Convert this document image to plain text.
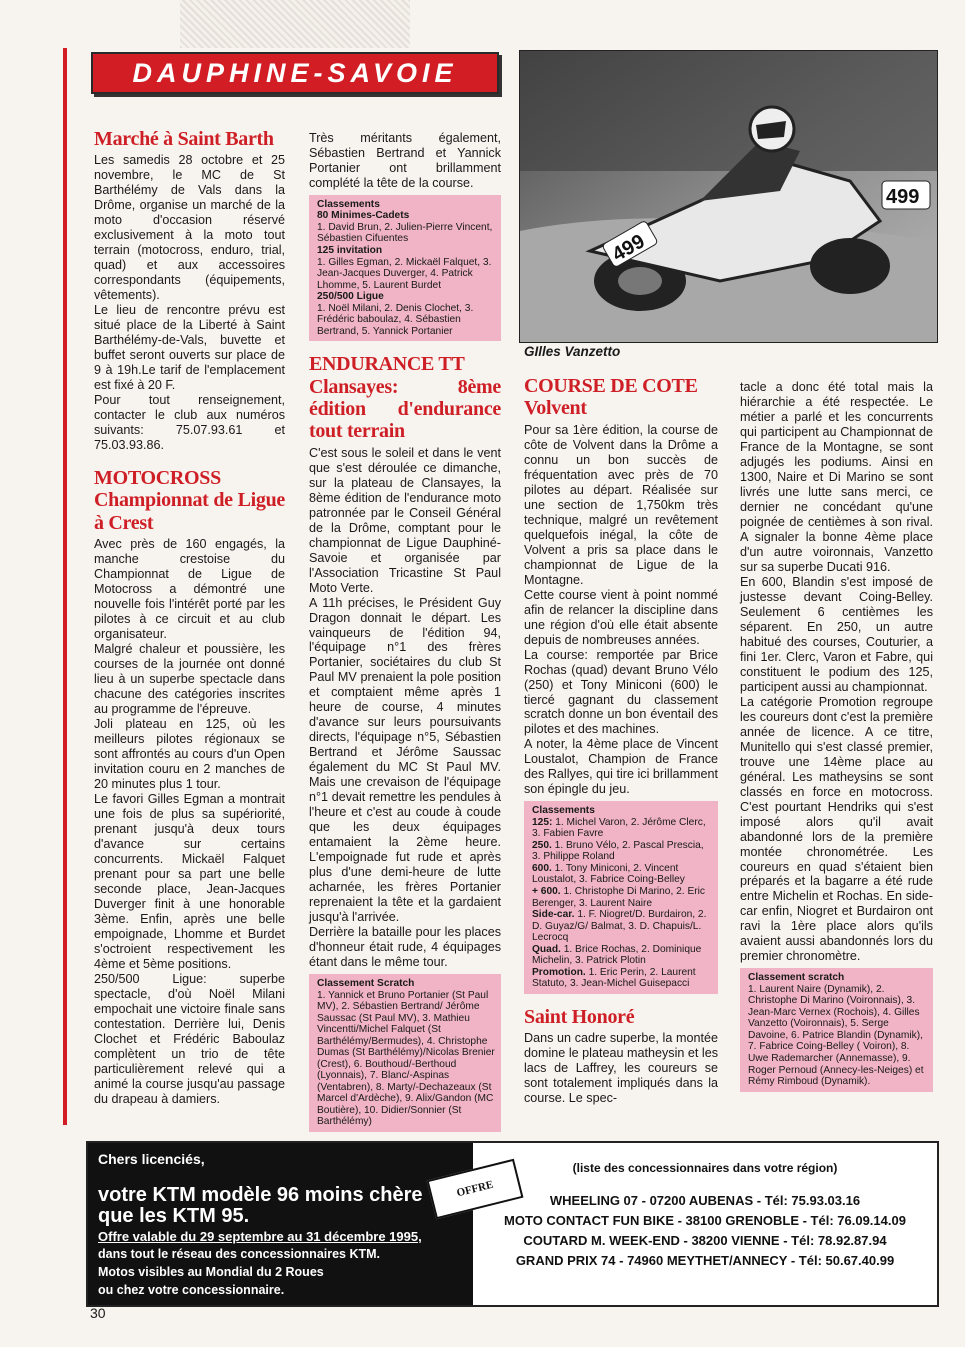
DAUPHINE-SAVOIE
Marché à Saint Barth

Les samedis 28 octobre et 25 novembre, le MC de St Barthélémy de Vals dans la Drôme, organise un marché de la moto d'occasion réservé exclusivement à la moto tout terrain (motocross, enduro, trial, quad) et aux accessoires correspondants (équipements, vêtements).

Le lieu de rencontre prévu est situé place de la Liberté à Saint Barthélémy-de-Vals, buvette et buffet seront ouverts sur place de 9 à 19h.Le tarif de l'emplacement est fixé à 20 F.

Pour tout renseignement, contacter le club aux numéros suivants: 75.07.93.61 et 75.03.93.86.

MOTOCROSS
Championnat de Ligue à Crest

Avec près de 160 engagés, la manche crestoise du Championnat de Ligue de Motocross a démontré une nouvelle fois l'intérêt porté par les pilotes à ce circuit et au club organisateur.

Malgré chaleur et poussière, les courses de la journée ont donné lieu à un superbe spectacle dans chacune des catégories inscrites au programme de l'épreuve.

Joli plateau en 125, où les meilleurs pilotes régionaux se sont affrontés au cours d'un Open invitation couru en 2 manches de 20 minutes plus 1 tour.

Le favori Gilles Egman a montrait une fois de plus sa supériorité, prenant jusqu'à deux tours d'avance sur certains concurrents. Mickaël Falquet prenant pour sa part une belle seconde place, Jean-Jacques Duverger finit à une honorable 3ème. Enfin, après une belle empoignade, Lhomme et Burdet s'octroient respectivement les 4ème et 5ème positions.

250/500 Ligue: superbe spectacle, d'où Noël Milani empochait une victoire finale sans contestation. Derrière lui, Denis Clochet et Frédéric Baboulaz complètent un trio de tête particulièrement relevé qui a animé la course jusqu'au passage du drapeau à damiers.

Très méritants également, Sébastien Bertrand et Yannick Portanier ont brillamment complété la tête de la course.

Classements
80 Minimes-Cadets
1. David Brun, 2. Julien-Pierre Vincent, Sébastien Cifuentes
125 invitation
1. Gilles Egman, 2. Mickaël Falquet, 3. Jean-Jacques Duverger, 4. Patrick Lhomme, 5. Laurent Burdet
250/500 Ligue
1. Noël Milani, 2. Denis Clochet, 3. Frédéric baboulaz, 4. Sébastien Bertrand, 5. Yannick Portanier
ENDURANCE TT
Clansayes: 8ème édition d'endurance tout terrain

C'est sous le soleil et dans le vent que s'est déroulée ce dimanche, sur la plateau de Clansayes, la 8ème édition de l'endurance moto patronnée par le Conseil Général de la Drôme, comptant pour le championnat de Ligue Dauphiné-Savoie et organisée par l'Association Tricastine St Paul Moto Verte.

A 11h précises, le Président Guy Dragon donnait le départ. Les vainqueurs de l'édition 94, l'équipage n°1 des frères Portanier, sociétaires du club St Paul MV prenaient la pole position et comptaient même après 1 heure de course, 4 minutes d'avance sur leurs poursuivants directs, l'équipage n°5, Sébastien Bertrand et Jérôme Saussac également du MC St Paul MV. Mais une crevaison de l'équipage n°1 devait remettre les pendules à l'heure et c'est au coude à coude que les deux équipages entamaient la 2ème heure. L'empoignade fut rude et après plus d'une demi-heure de lutte acharnée, les frères Portanier reprenaient la tête et la gardaient jusqu'à l'arrivée.

Derrière la bataille pour les places d'honneur était rude, 4 équipages étant dans le même tour.

Classement Scratch
1. Yannick et Bruno Portanier (St Paul MV), 2. Sébastien Bertrand/ Jérôme Saussac (St Paul MV), 3. Mathieu Vincentti/Michel Falquet (St Barthélémy/Bermudes), 4. Christophe Dumas (St Barthélémy)/Nicolas Brenier (Crest), 6. Bouthoud/-Berthoud (Lyonnais), 7. Blanc/-Aspinas (Ventabren), 8. Marty/-Dechazeaux (St Marcel d'Ardèche), 9. Alix/Gandon (MC Boutière), 10. Didier/Sonnier (St Barthélémy)
499
499
GIlles Vanzetto
COURSE DE COTE
Volvent

Pour sa 1ère édition, la course de côte de Volvent dans la Drôme a connu un bon succès de fréquentation avec près de 70 pilotes au départ. Réalisée sur une section de 1,750km très technique, malgré un revêtement quelquefois inégal, la côte de Volvent a pris sa place dans le championnat de Ligue de la Montagne.

Cette course vient à point nommé afin de relancer la discipline dans une région d'où elle était absente depuis de nombreuses années.

La course: remportée par Brice Rochas (quad) devant Bruno Vélo (250) et Tony Miniconi (600) le tiercé gagnant du classement scratch donne un bon éventail des pilotes et des machines.

A noter, la 4ème place de Vincent Loustalot, Champion de France des Rallyes, qui tire ici brillamment son épingle du jeu.

Classements
125: 1. Michel Varon, 2. Jérôme Clerc, 3. Fabien Favre
250. 1. Bruno Vélo, 2. Pascal Prescia, 3. Philippe Roland
600. 1. Tony Miniconi, 2. Vincent Loustalot, 3. Fabrice Coing-Belley
+ 600. 1. Christophe Di Marino, 2. Eric Berenger, 3. Laurent Naire
Side-car. 1. F. Niogret/D. Burdairon, 2. D. Guyaz/G/ Balmat, 3. D. Chapuis/L. Lecrocq
Quad. 1. Brice Rochas, 2. Dominique Michelin, 3. Patrick Plotin
Promotion. 1. Eric Perin, 2. Laurent Statuto, 3. Jean-Michel Guisepacci
Saint Honoré

Dans un cadre superbe, la montée domine le plateau matheysin et les lacs de Laffrey, les coureurs se sont totalement impliqués dans la course. Le spec-

tacle a donc été total mais la hiérarchie a été respectée. Le métier a parlé et les concurrents qui participent au Championnat de France de la Montagne, se sont adjugés les podiums. Ainsi en 1300, Naire et Di Marino se sont livrés une lutte sans merci, ce dernier ne concédant qu'une poignée de centièmes à son rival. A signaler la bonne 4ème place d'un autre voironnais, Vanzetto sur sa superbe Ducati 916.

En 600, Blandin s'est imposé de justesse devant Coing-Belley. Seulement 6 centièmes les séparent. En 250, un autre habitué des courses, Couturier, a fini 1er. Clerc, Varon et Fabre, qui constituent le podium des 125, participent aussi au championnat.

La catégorie Promotion regroupe les coureurs dont c'est la première année de licence. A ce titre, Munitello qui s'est classé premier, trouve une 14ème place au général. Les matheysins se sont classés en force en motocross. C'est pourtant Hendriks qui s'est imposé alors qu'il avait abandonné lors de la première montée chronométrée. Les coureurs en quad s'étaient bien préparés et la bagarre a été rude entre Michelin et Rochas. En side-car enfin, Niogret et Burdairon ont ravi la 1ère place alors qu'ils avaient aussi abandonnés lors du premier chronomètre.

Classement scratch
1. Laurent Naire (Dynamik), 2. Christophe Di Marino (Voironnais), 3. Jean-Marc Vernex (Rochois), 4. Gilles Vanzetto (Voironnais), 5. Serge Davoine, 6. Patrice Blandin (Dynamik), 7. Fabrice Coing-Belley ( Voiron), 8. Uwe Rademarcher (Annemasse), 9. Roger Pernoud (Annecy-les-Neiges) et Rémy Rimboud (Dynamik).
Chers licenciés,
votre KTM modèle 96 moins chère que les KTM 95.
Offre valable du 29 septembre au 31 décembre 1995,
dans tout le réseau des concessionnaires KTM.
Motos visibles au Mondial du 2 Roues
ou chez votre concessionnaire.
OFFRE
(liste des concessionnaires dans votre région)
WHEELING 07 - 07200 AUBENAS - Tél: 75.93.03.16
MOTO CONTACT FUN BIKE - 38100 GRENOBLE - Tél: 76.09.14.09
COUTARD M. WEEK-END - 38200 VIENNE - Tél: 78.92.87.94
GRAND PRIX 74 - 74960 MEYTHET/ANNECY - Tél: 50.67.40.99
30
